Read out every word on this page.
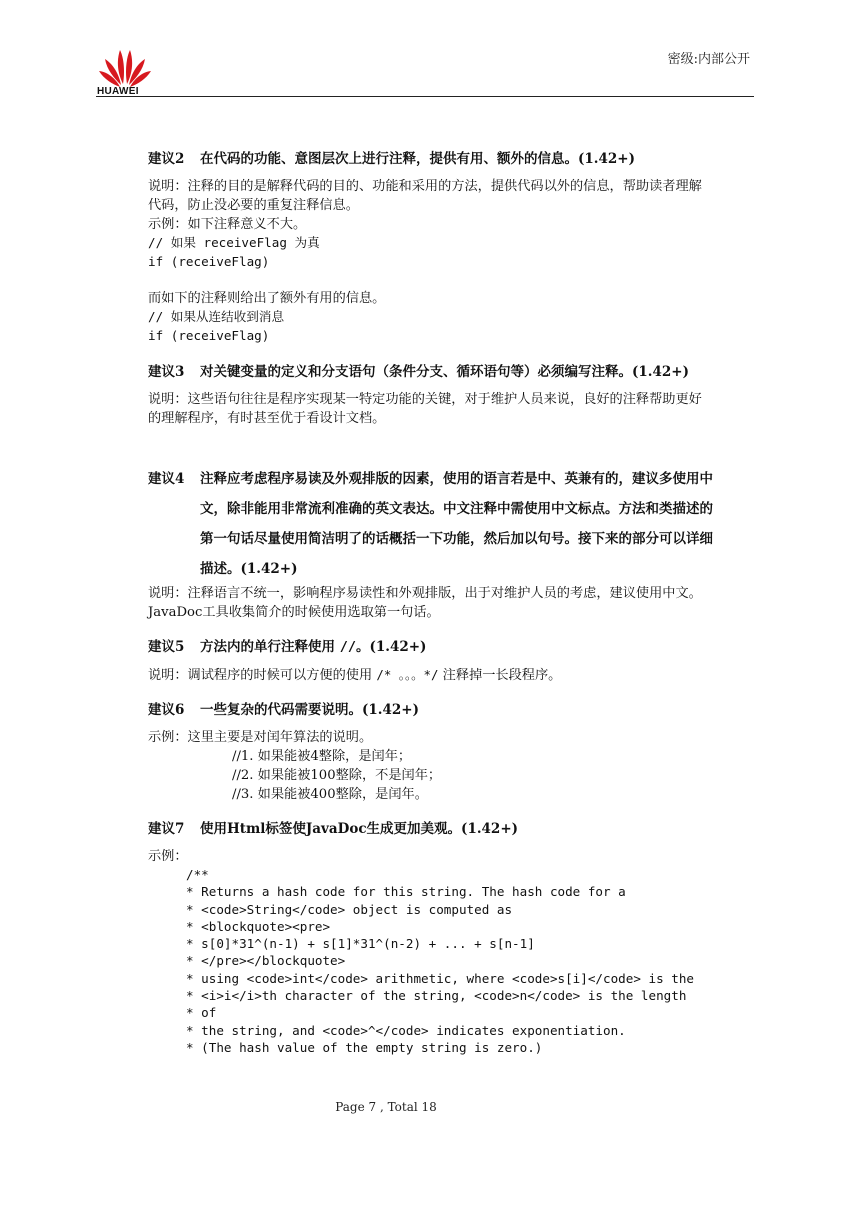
HUAWEI
密级:内部公开
建议2 在代码的功能、意图层次上进行注释，提供有用、额外的信息。(1.42+)
说明：注释的目的是解释代码的目的、功能和采用的方法，提供代码以外的信息，帮助读者理解
代码，防止没必要的重复注释信息。
示例：如下注释意义不大。
// 如果 receiveFlag 为真
if (receiveFlag)
而如下的注释则给出了额外有用的信息。
// 如果从连结收到消息
if (receiveFlag)
建议3 对关键变量的定义和分支语句（条件分支、循环语句等）必须编写注释。(1.42+)
说明：这些语句往往是程序实现某一特定功能的关键，对于维护人员来说，良好的注释帮助更好
的理解程序，有时甚至优于看设计文档。
建议4 注释应考虑程序易读及外观排版的因素，使用的语言若是中、英兼有的，建议多使用中
文，除非能用非常流利准确的英文表达。中文注释中需使用中文标点。方法和类描述的
第一句话尽量使用简洁明了的话概括一下功能，然后加以句号。接下来的部分可以详细
描述。(1.42+)
说明：注释语言不统一，影响程序易读性和外观排版，出于对维护人员的考虑，建议使用中文。
JavaDoc工具收集简介的时候使用选取第一句话。
建议5 方法内的单行注释使用 //。(1.42+)
说明：调试程序的时候可以方便的使用 /* 。。。*/ 注释掉一长段程序。
建议6 一些复杂的代码需要说明。(1.42+)
示例：这里主要是对闰年算法的说明。
//1. 如果能被4整除，是闰年；
//2. 如果能被100整除，不是闰年；
//3. 如果能被400整除，是闰年。
建议7 使用Html标签使JavaDoc生成更加美观。(1.42+)
示例：
/**
* Returns a hash code for this string. The hash code for a
* <code>String</code> object is computed as
* <blockquote><pre>
* s[0]*31^(n-1) + s[1]*31^(n-2) + ... + s[n-1]
* </pre></blockquote>
* using <code>int</code> arithmetic, where <code>s[i]</code> is the
* <i>i</i>th character of the string, <code>n</code> is the length
* of
* the string, and <code>^</code> indicates exponentiation.
* (The hash value of the empty string is zero.)
Page 7 , Total 18
